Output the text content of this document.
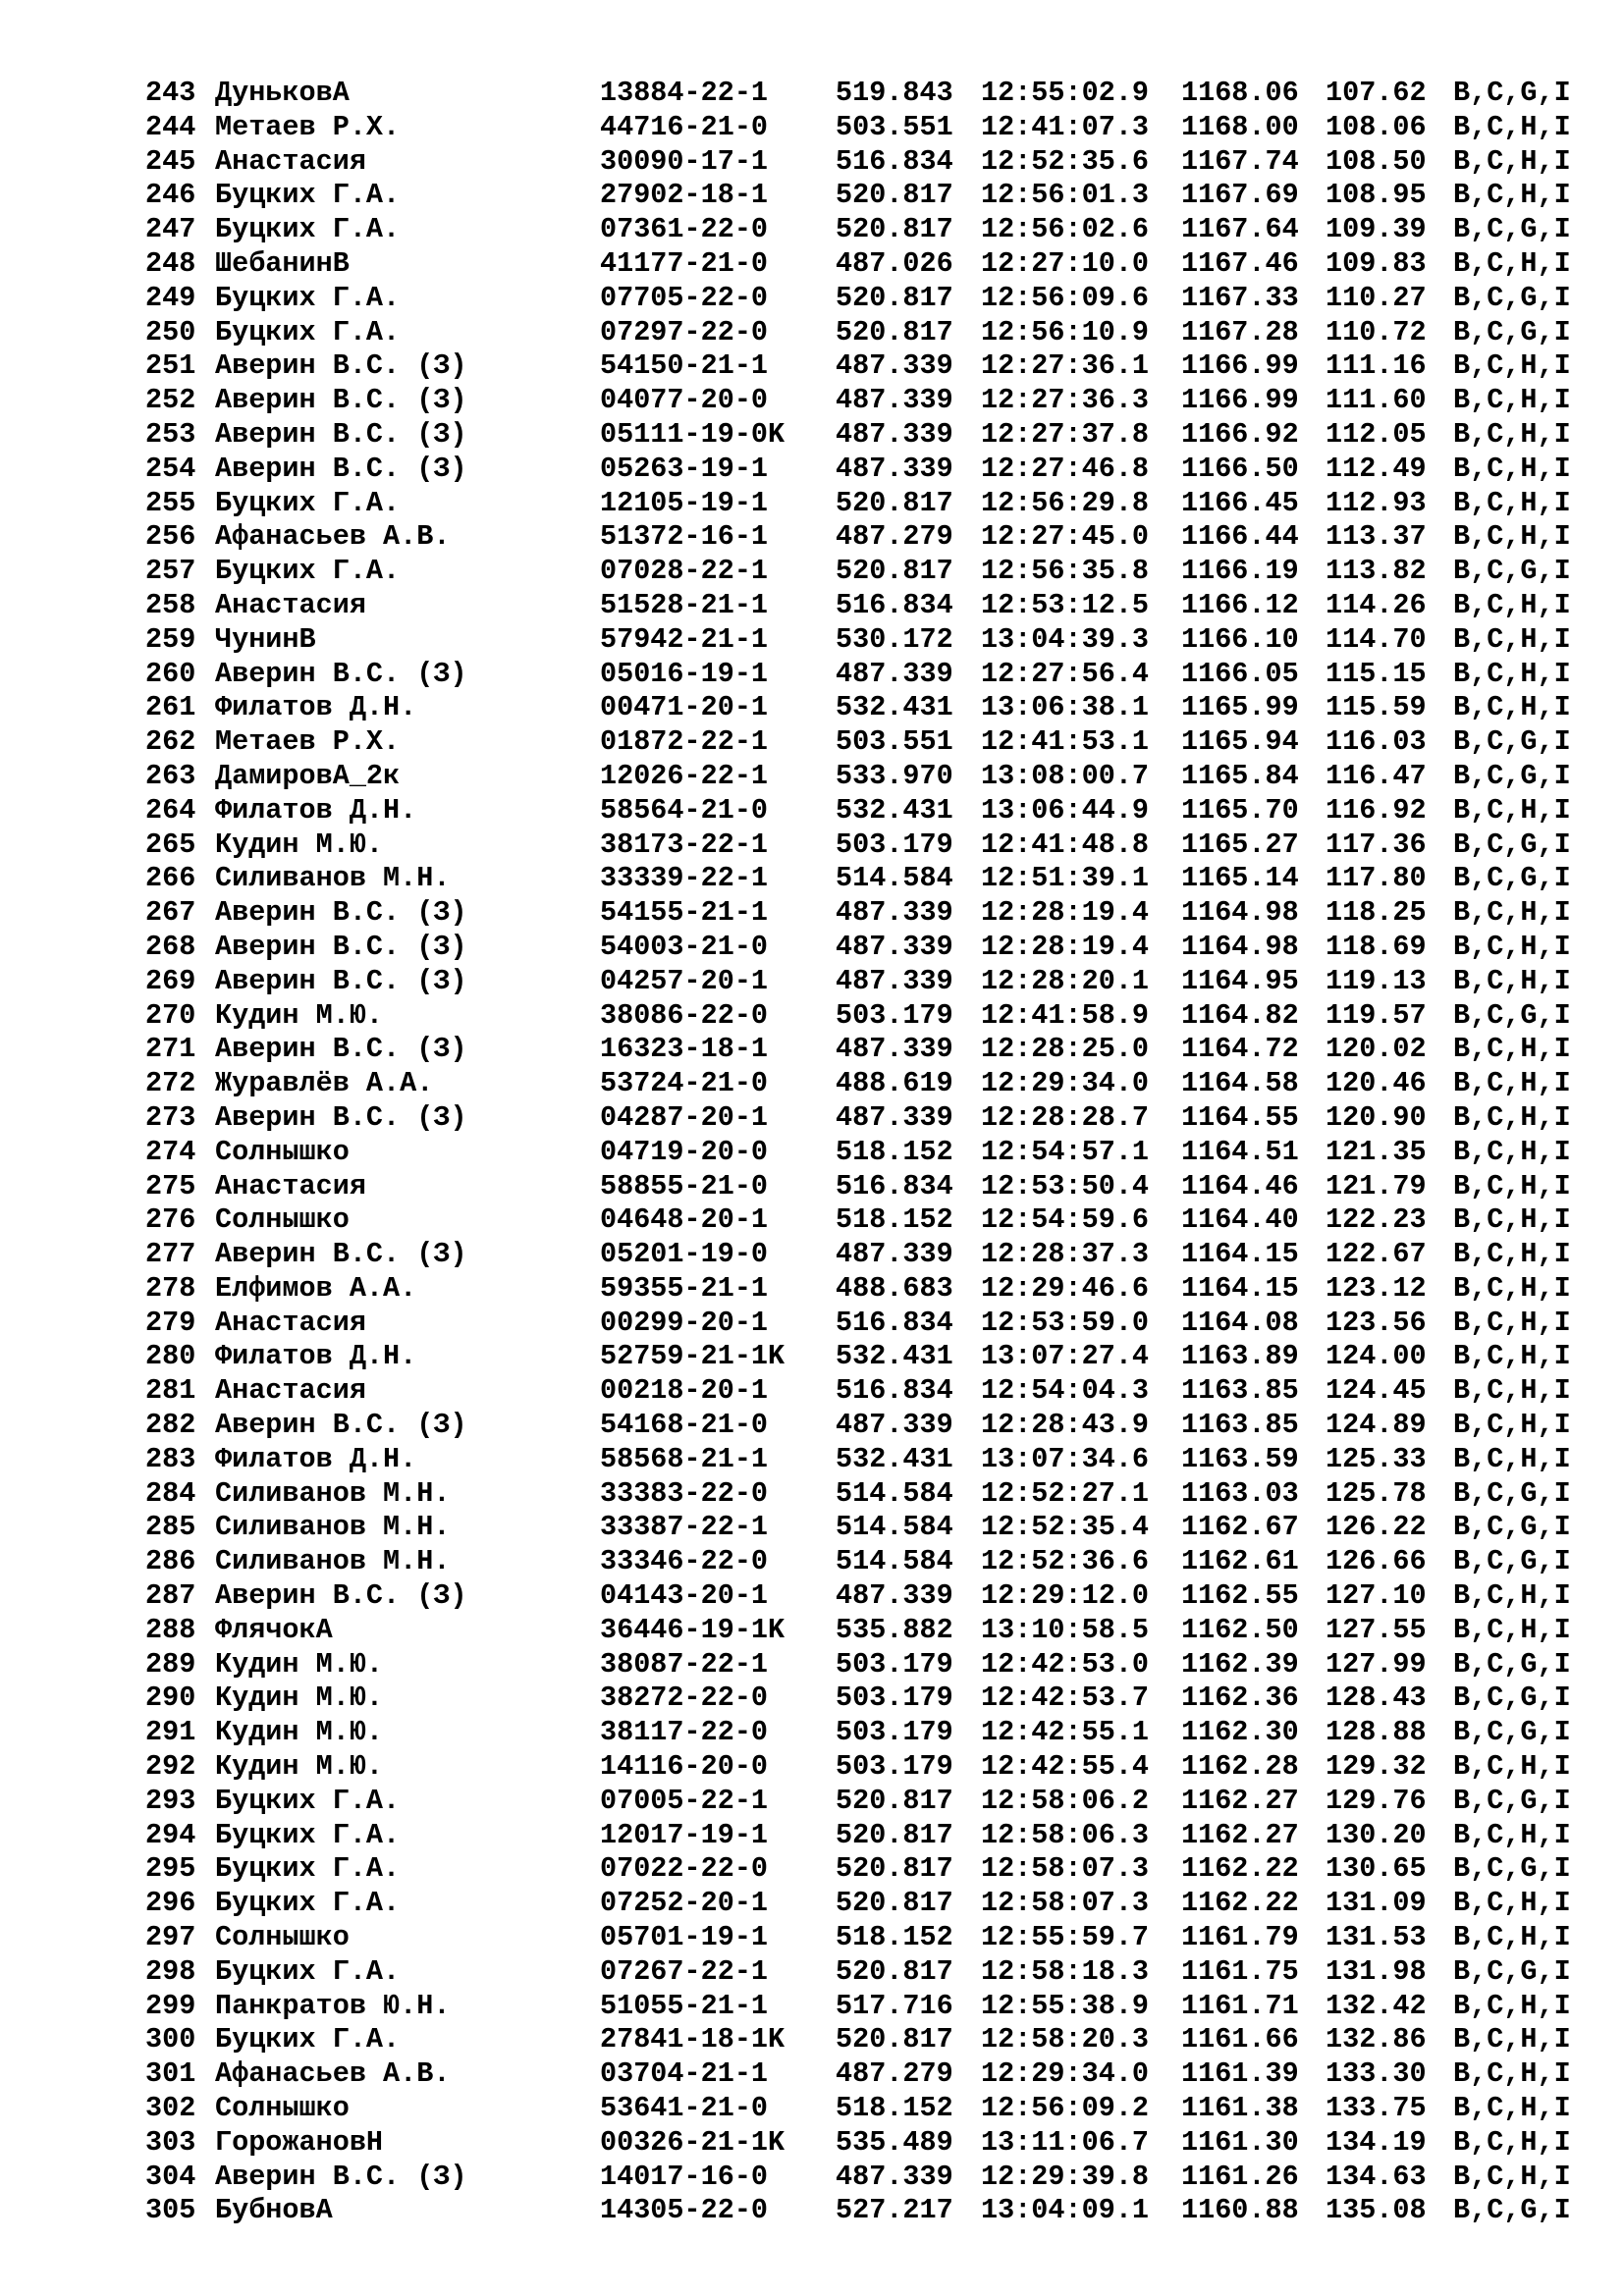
243 ДуньковА	13884-22-1 519.843 12:55:02.9 1168.06 107.62 B,C,G,I
244 Метаев Р.Х.	44716-21-0 503.551 12:41:07.3 1168.00 108.06 B,C,H,I
245 Анастасия	30090-17-1 516.834 12:52:35.6 1167.74 108.50 B,C,H,I
246 Буцких Г.А.	27902-18-1 520.817 12:56:01.3 1167.69 108.95 B,C,H,I
247 Буцких Г.А.	07361-22-0 520.817 12:56:02.6 1167.64 109.39 B,C,G,I
248 ШебанинВ	41177-21-0 487.026 12:27:10.0 1167.46 109.83 B,C,H,I
249 Буцких Г.А.	07705-22-0 520.817 12:56:09.6 1167.33 110.27 B,C,G,I
250 Буцких Г.А.	07297-22-0 520.817 12:56:10.9 1167.28 110.72 B,C,G,I
251 Аверин В.С. (З)	54150-21-1 487.339 12:27:36.1 1166.99 111.16 B,C,H,I
252 Аверин В.С. (З)	04077-20-0 487.339 12:27:36.3 1166.99 111.60 B,C,H,I
253 Аверин В.С. (З)	05111-19-0K 487.339 12:27:37.8 1166.92 112.05 B,C,H,I
254 Аверин В.С. (З)	05263-19-1 487.339 12:27:46.8 1166.50 112.49 B,C,H,I
255 Буцких Г.А.	12105-19-1 520.817 12:56:29.8 1166.45 112.93 B,C,H,I
256 Афанасьев А.В.	51372-16-1 487.279 12:27:45.0 1166.44 113.37 B,C,H,I
257 Буцких Г.А.	07028-22-1 520.817 12:56:35.8 1166.19 113.82 B,C,G,I
258 Анастасия	51528-21-1 516.834 12:53:12.5 1166.12 114.26 B,C,H,I
259 ЧунинВ	57942-21-1 530.172 13:04:39.3 1166.10 114.70 B,C,H,I
260 Аверин В.С. (З)	05016-19-1 487.339 12:27:56.4 1166.05 115.15 B,C,H,I
261 Филатов Д.Н.	00471-20-1 532.431 13:06:38.1 1165.99 115.59 B,C,H,I
262 Метаев Р.Х.	01872-22-1 503.551 12:41:53.1 1165.94 116.03 B,C,G,I
263 ДамировА_2к	12026-22-1 533.970 13:08:00.7 1165.84 116.47 B,C,G,I
264 Филатов Д.Н.	58564-21-0 532.431 13:06:44.9 1165.70 116.92 B,C,H,I
265 Кудин М.Ю.	38173-22-1 503.179 12:41:48.8 1165.27 117.36 B,C,G,I
266 Силиванов М.Н.	33339-22-1 514.584 12:51:39.1 1165.14 117.80 B,C,G,I
267 Аверин В.С. (З)	54155-21-1 487.339 12:28:19.4 1164.98 118.25 B,C,H,I
268 Аверин В.С. (З)	54003-21-0 487.339 12:28:19.4 1164.98 118.69 B,C,H,I
269 Аверин В.С. (З)	04257-20-1 487.339 12:28:20.1 1164.95 119.13 B,C,H,I
270 Кудин М.Ю.	38086-22-0 503.179 12:41:58.9 1164.82 119.57 B,C,G,I
271 Аверин В.С. (З)	16323-18-1 487.339 12:28:25.0 1164.72 120.02 B,C,H,I
272 Журавлёв А.А.	53724-21-0 488.619 12:29:34.0 1164.58 120.46 B,C,H,I
273 Аверин В.С. (З)	04287-20-1 487.339 12:28:28.7 1164.55 120.90 B,C,H,I
274 Солнышко	04719-20-0 518.152 12:54:57.1 1164.51 121.35 B,C,H,I
275 Анастасия	58855-21-0 516.834 12:53:50.4 1164.46 121.79 B,C,H,I
276 Солнышко	04648-20-1 518.152 12:54:59.6 1164.40 122.23 B,C,H,I
277 Аверин В.С. (З)	05201-19-0 487.339 12:28:37.3 1164.15 122.67 B,C,H,I
278 Елфимов А.А.	59355-21-1 488.683 12:29:46.6 1164.15 123.12 B,C,H,I
279 Анастасия	00299-20-1 516.834 12:53:59.0 1164.08 123.56 B,C,H,I
280 Филатов Д.Н.	52759-21-1K 532.431 13:07:27.4 1163.89 124.00 B,C,H,I
281 Анастасия	00218-20-1 516.834 12:54:04.3 1163.85 124.45 B,C,H,I
282 Аверин В.С. (З)	54168-21-0 487.339 12:28:43.9 1163.85 124.89 B,C,H,I
283 Филатов Д.Н.	58568-21-1 532.431 13:07:34.6 1163.59 125.33 B,C,H,I
284 Силиванов М.Н.	33383-22-0 514.584 12:52:27.1 1163.03 125.78 B,C,G,I
285 Силиванов М.Н.	33387-22-1 514.584 12:52:35.4 1162.67 126.22 B,C,G,I
286 Силиванов М.Н.	33346-22-0 514.584 12:52:36.6 1162.61 126.66 B,C,G,I
287 Аверин В.С. (З)	04143-20-1 487.339 12:29:12.0 1162.55 127.10 B,C,H,I
288 ФлячокА	36446-19-1K 535.882 13:10:58.5 1162.50 127.55 B,C,H,I
289 Кудин М.Ю.	38087-22-1 503.179 12:42:53.0 1162.39 127.99 B,C,G,I
290 Кудин М.Ю.	38272-22-0 503.179 12:42:53.7 1162.36 128.43 B,C,G,I
291 Кудин М.Ю.	38117-22-0 503.179 12:42:55.1 1162.30 128.88 B,C,G,I
292 Кудин М.Ю.	14116-20-0 503.179 12:42:55.4 1162.28 129.32 B,C,H,I
293 Буцких Г.А.	07005-22-1 520.817 12:58:06.2 1162.27 129.76 B,C,G,I
294 Буцких Г.А.	12017-19-1 520.817 12:58:06.3 1162.27 130.20 B,C,H,I
295 Буцких Г.А.	07022-22-0 520.817 12:58:07.3 1162.22 130.65 B,C,G,I
296 Буцких Г.А.	07252-20-1 520.817 12:58:07.3 1162.22 131.09 B,C,H,I
297 Солнышко	05701-19-1 518.152 12:55:59.7 1161.79 131.53 B,C,H,I
298 Буцких Г.А.	07267-22-1 520.817 12:58:18.3 1161.75 131.98 B,C,G,I
299 Панкратов Ю.Н.	51055-21-1 517.716 12:55:38.9 1161.71 132.42 B,C,H,I
300 Буцких Г.А.	27841-18-1K 520.817 12:58:20.3 1161.66 132.86 B,C,H,I
301 Афанасьев А.В.	03704-21-1 487.279 12:29:34.0 1161.39 133.30 B,C,H,I
302 Солнышко	53641-21-0 518.152 12:56:09.2 1161.38 133.75 B,C,H,I
303 ГорожановН	00326-21-1K 535.489 13:11:06.7 1161.30 134.19 B,C,H,I
304 Аверин В.С. (З)	14017-16-0 487.339 12:29:39.8 1161.26 134.63 B,C,H,I
305 БубновА	14305-22-0 527.217 13:04:09.1 1160.88 135.08 B,C,G,I
